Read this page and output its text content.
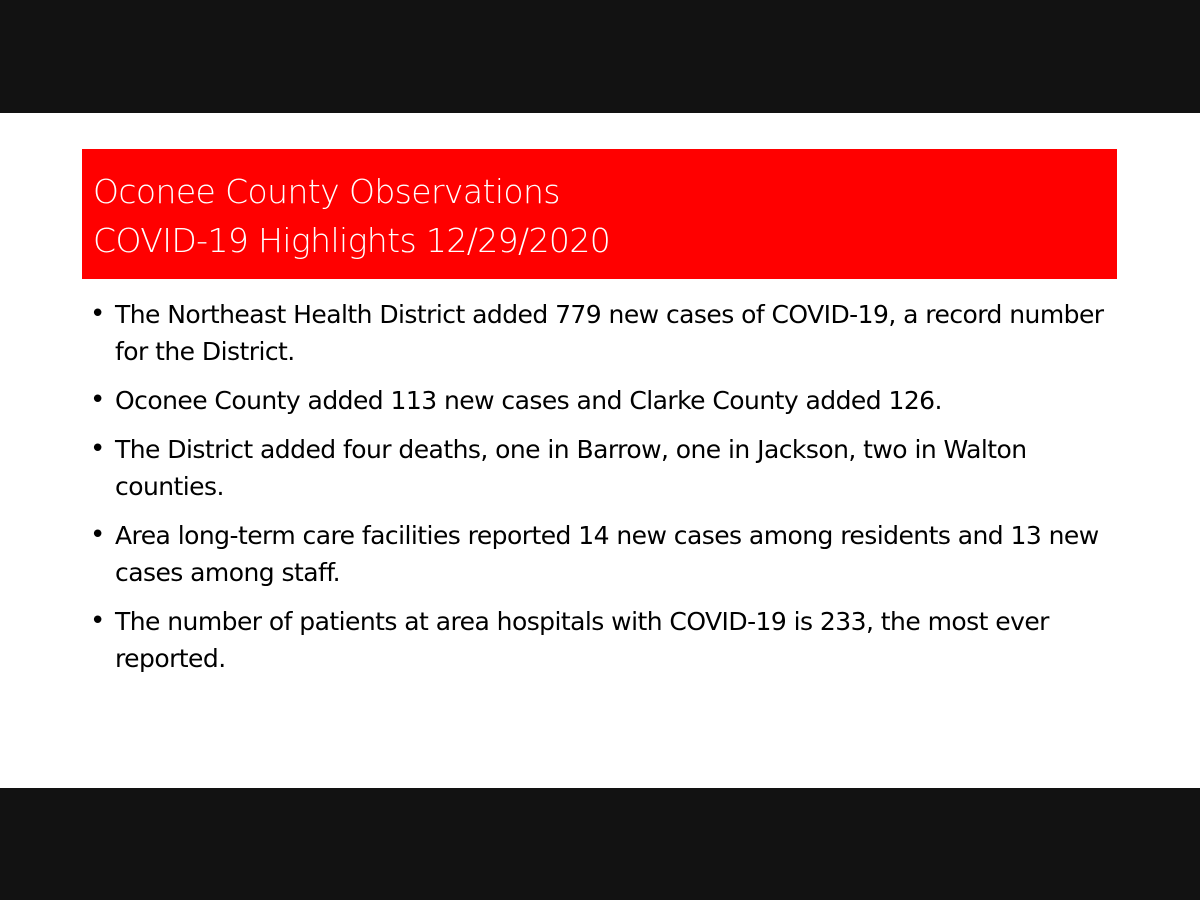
Oconee County Observations
COVID-19 Highlights 12/29/2020
• The Northeast Health District added 779 new cases of COVID-19, a record number for the District.
• Oconee County added 113 new cases and Clarke County added 126.
• The District added four deaths, one in Barrow, one in Jackson, two in Walton counties.
• Area long-term care facilities reported 14 new cases among residents and 13 new cases among staff.
• The number of patients at area hospitals with COVID-19 is 233, the most ever reported.
